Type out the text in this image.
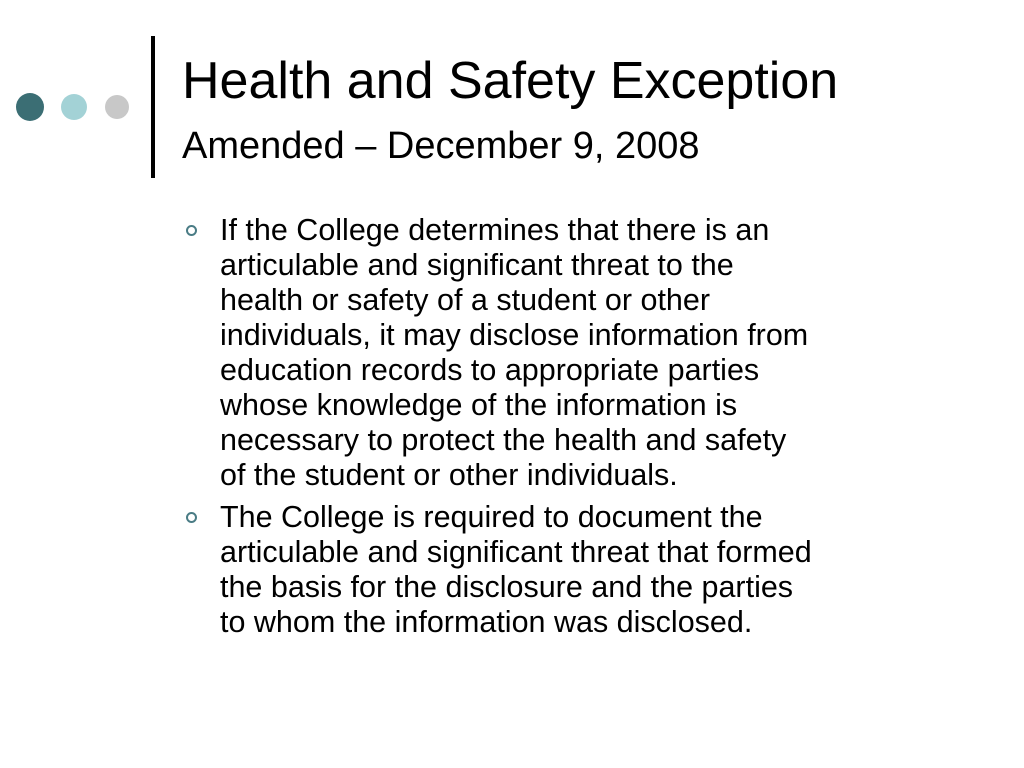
Health and Safety Exception
Amended – December 9, 2008
If the College determines that there is an
articulable and significant threat to the
health or safety of a student or other
individuals, it may disclose information from
education records to appropriate parties
whose knowledge of the information is
necessary to protect the health and safety
of the student or other individuals.
The College is required to document the
articulable and significant threat that formed
the basis for the disclosure and the parties
to whom the information was disclosed.
